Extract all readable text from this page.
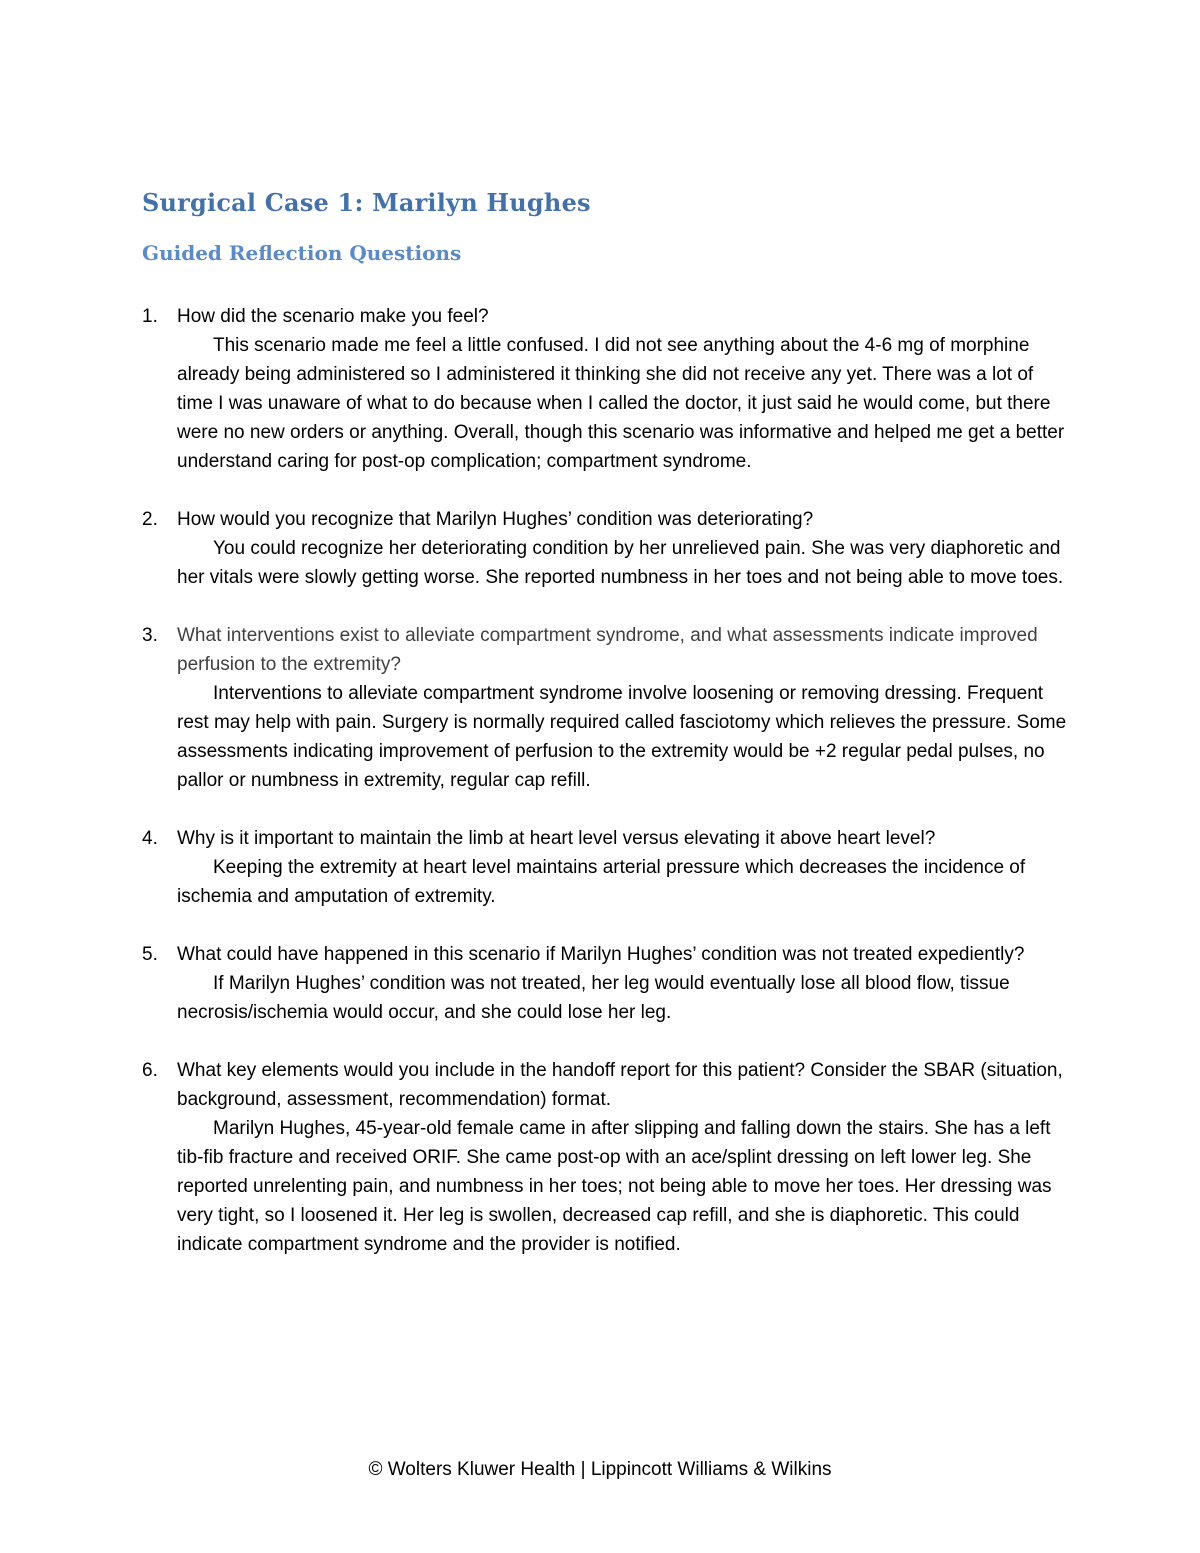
Surgical Case 1: Marilyn Hughes
Guided Reflection Questions
1. How did the scenario make you feel?
This scenario made me feel a little confused. I did not see anything about the 4-6 mg of morphine already being administered so I administered it thinking she did not receive any yet. There was a lot of time I was unaware of what to do because when I called the doctor, it just said he would come, but there were no new orders or anything. Overall, though this scenario was informative and helped me get a better understand caring for post-op complication; compartment syndrome.
2. How would you recognize that Marilyn Hughes’ condition was deteriorating?
You could recognize her deteriorating condition by her unrelieved pain. She was very diaphoretic and her vitals were slowly getting worse. She reported numbness in her toes and not being able to move toes.
3. What interventions exist to alleviate compartment syndrome, and what assessments indicate improved perfusion to the extremity?
Interventions to alleviate compartment syndrome involve loosening or removing dressing. Frequent rest may help with pain. Surgery is normally required called fasciotomy which relieves the pressure. Some assessments indicating improvement of perfusion to the extremity would be +2 regular pedal pulses, no pallor or numbness in extremity, regular cap refill.
4. Why is it important to maintain the limb at heart level versus elevating it above heart level?
Keeping the extremity at heart level maintains arterial pressure which decreases the incidence of ischemia and amputation of extremity.
5. What could have happened in this scenario if Marilyn Hughes’ condition was not treated expediently?
If Marilyn Hughes’ condition was not treated, her leg would eventually lose all blood flow, tissue necrosis/ischemia would occur, and she could lose her leg.
6. What key elements would you include in the handoff report for this patient? Consider the SBAR (situation, background, assessment, recommendation) format.
Marilyn Hughes, 45-year-old female came in after slipping and falling down the stairs. She has a left tib-fib fracture and received ORIF. She came post-op with an ace/splint dressing on left lower leg. She reported unrelenting pain, and numbness in her toes; not being able to move her toes. Her dressing was very tight, so I loosened it. Her leg is swollen, decreased cap refill, and she is diaphoretic. This could indicate compartment syndrome and the provider is notified.
© Wolters Kluwer Health | Lippincott Williams & Wilkins
